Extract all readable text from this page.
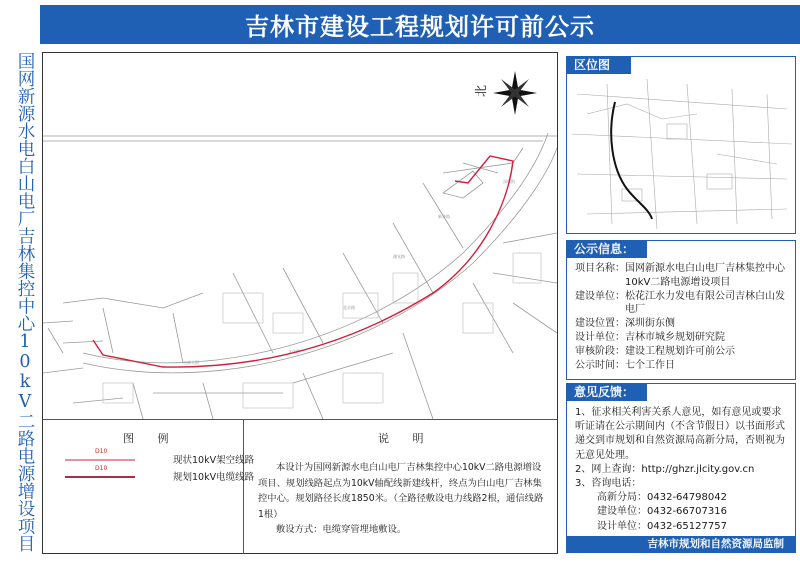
吉林市建设工程规划许可前公示
国网新源水电白山电厂吉林集控中心10kV二路电源增设项目	吉林大街
北京路
湖光路
新华路
文化路
深圳街
北
图 例
D10
现状10kV架空线路
D10
规划10kV电缆线路
说 明

本设计为国网新源水电白山电厂吉林集控中心10kV二路电源增设项目、规划线路起点为10kV轴配线新建线杆，终点为白山电厂吉林集控中心。规划路径长度1850米。（全路径敷设电力线路2根，通信线路1根）

敷设方式：电缆穿管埋地敷设。

区位图
公示信息：
项目名称： 国网新源水电白山电厂吉林集控中心10kV二路电源增设项目
建设单位： 松花江水力发电有限公司吉林白山发电厂
建设位置： 深圳街东侧
设计单位： 吉林市城乡规划研究院
审核阶段： 建设工程规划许可前公示
公示时间： 七个工作日
意见反馈：
1、征求相关利害关系人意见，如有意见或要求听证请在公示期间内（不含节假日）以书面形式递交到市规划和自然资源局高新分局，否则视为无意见处理。
2、网上查询：http://ghzr.jlcity.gov.cn
3、咨询电话：
高新分局：0432-64798042
建设单位：0432-66707316
设计单位：0432-65127757
吉林市规划和自然资源局监制
